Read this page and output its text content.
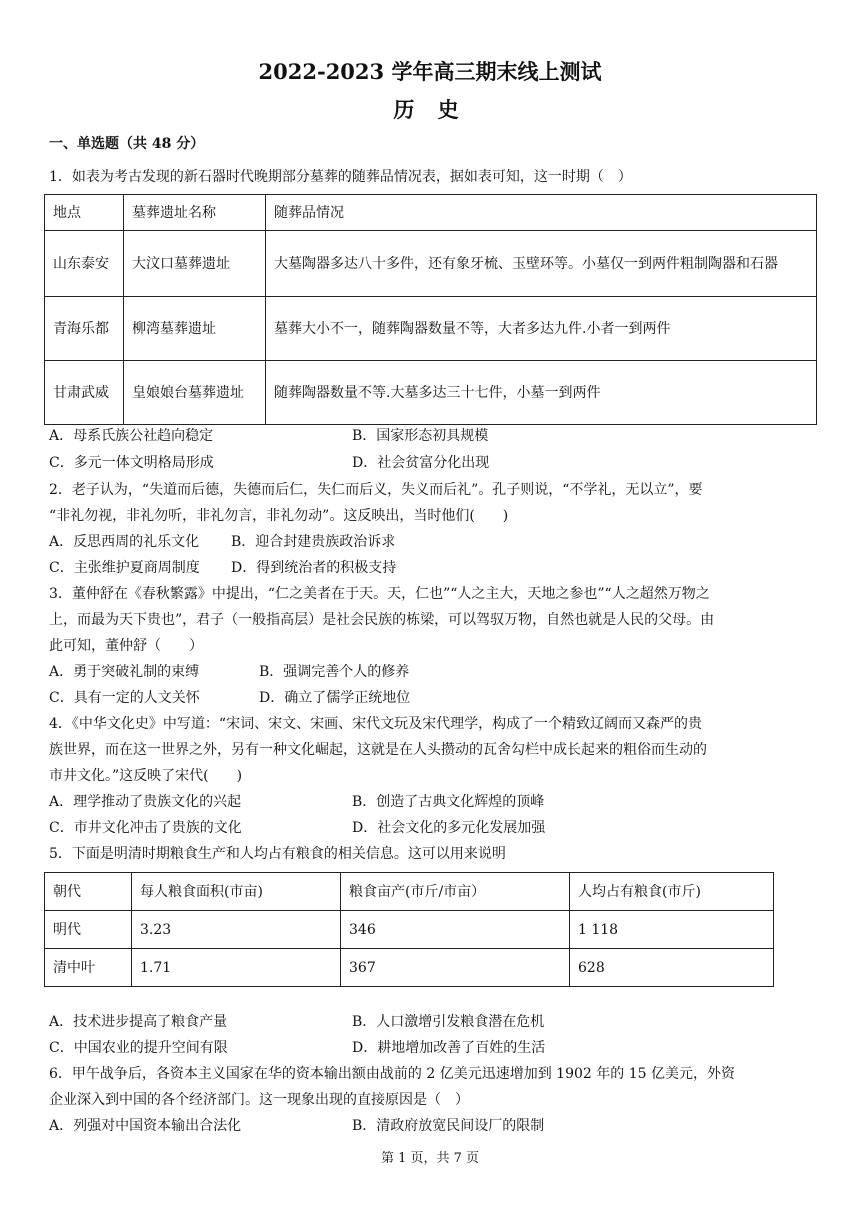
2022-2023 学年高三期末线上测试
历 史
一、单选题（共 48 分）
1．如表为考古发现的新石器时代晚期部分墓葬的随葬品情况表，据如表可知，这一时期（　）
地点	墓葬遗址名称	随葬品情况
山东泰安	大汶口墓葬遗址	大墓陶器多达八十多件，还有象牙梳、玉壁环等。小墓仅一到两件粗制陶器和石器
青海乐都	柳湾墓葬遗址	墓葬大小不一，随葬陶器数量不等，大者多达九件.小者一到两件
甘肃武威	皇娘娘台墓葬遗址	随葬陶器数量不等.大墓多达三十七件，小墓一到两件
A．母系氏族公社趋向稳定	B．国家形态初具规模
C．多元一体文明格局形成	D．社会贫富分化出现
2．老子认为，“失道而后德，失德而后仁，失仁而后义，失义而后礼”。孔子则说，“不学礼，无以立”，要
“非礼勿视，非礼勿听，非礼勿言，非礼勿动”。这反映出，当时他们(　　)
A．反思西周的礼乐文化 B．迎合封建贵族政治诉求
C．主张维护夏商周制度 D．得到统治者的积极支持
3．董仲舒在《春秋繁露》中提出，“仁之美者在于天。天，仁也”“人之主大，天地之参也”“人之超然万物之
上，而最为天下贵也”，君子（一般指高层）是社会民族的栋梁，可以驾驭万物，自然也就是人民的父母。由
此可知，董仲舒（　　）
A．勇于突破礼制的束缚	B．强调完善个人的修养
C．具有一定的人文关怀	D．确立了儒学正统地位
4．《中华文化史》中写道：“宋词、宋文、宋画、宋代文玩及宋代理学，构成了一个精致辽阔而又森严的贵
族世界，而在这一世界之外，另有一种文化崛起，这就是在人头攒动的瓦舍勾栏中成长起来的粗俗而生动的
市井文化。”这反映了宋代(　　)
A．理学推动了贵族文化的兴起	B．创造了古典文化辉煌的顶峰
C．市井文化冲击了贵族的文化	D．社会文化的多元化发展加强
5．下面是明清时期粮食生产和人均占有粮食的相关信息。这可以用来说明
朝代	每人粮食面积(市亩)	粮食亩产(市斤/市亩）	人均占有粮食(市斤)
明代	3.23	346	1 118
清中叶	1.71	367	628
A．技术进步提高了粮食产量	B．人口激增引发粮食潜在危机
C．中国农业的提升空间有限	D．耕地增加改善了百姓的生活
6．甲午战争后，各资本主义国家在华的资本输出额由战前的 2 亿美元迅速增加到 1902 年的 15 亿美元，外资
企业深入到中国的各个经济部门。这一现象出现的直接原因是（　）
A．列强对中国资本输出合法化	B．清政府放宽民间设厂的限制
第 1 页，共 7 页
